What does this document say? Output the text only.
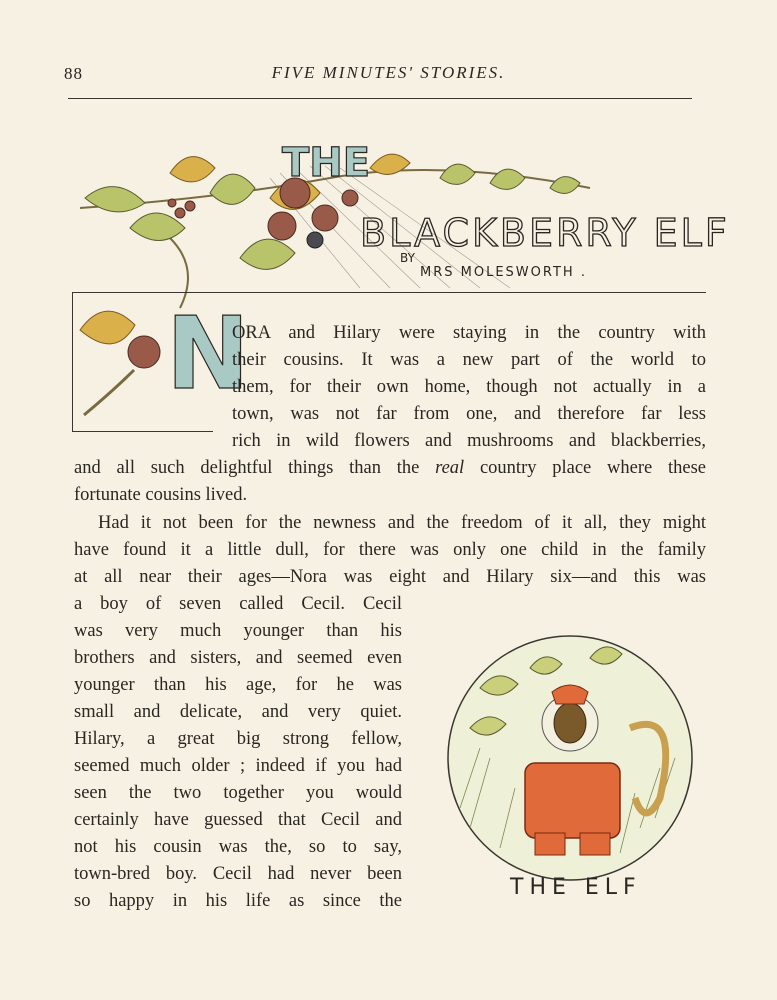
88	FIVE MINUTES' STORIES.
THE
BLACKBERRY ELF
BY
MRS MOLESWORTH .
N
ORA and Hilary were staying in the country with
their cousins. It was a new part of the world to
them, for their own home, though not actually in a
town, was not far from one, and therefore far less
rich in wild flowers and mushrooms and blackberries,
and all such delightful things than the real country place where these
fortunate cousins lived.
Had it not been for the newness and the freedom of it all, they might
have found it a little dull, for there was only one child in the family
at all near their ages—Nora was eight and Hilary six—and this was
a boy of seven called Cecil. Cecil
was very much younger than his
brothers and sisters, and seemed even
younger than his age, for he was
small and delicate, and very quiet.
Hilary, a great big strong fellow,
seemed much older ; indeed if you had
seen the two together you would
certainly have guessed that Cecil and
not his cousin was the, so to say,
town-bred boy. Cecil had never been
so happy in his life as since the
THE ELF
